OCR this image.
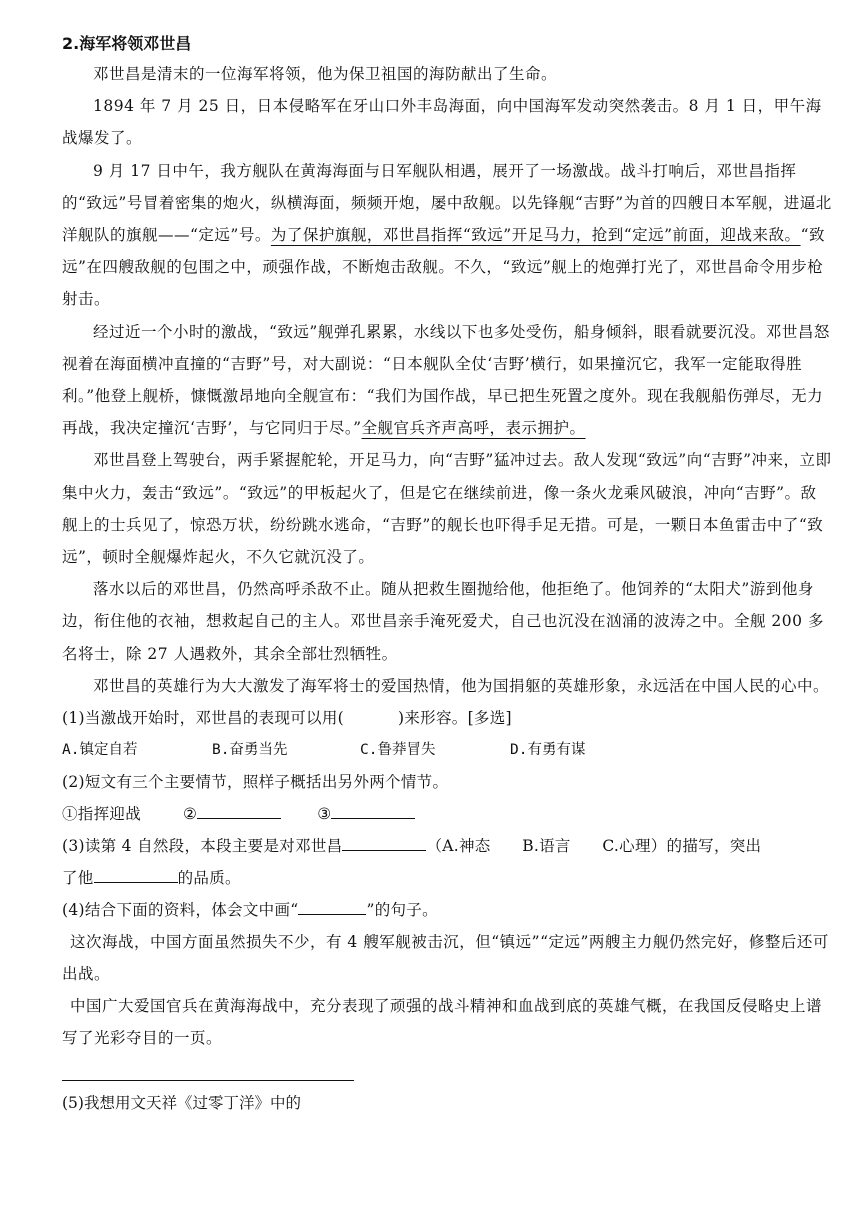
2.海军将领邓世昌

邓世昌是清末的一位海军将领，他为保卫祖国的海防献出了生命。

1894 年 7 月 25 日，日本侵略军在牙山口外丰岛海面，向中国海军发动突然袭击。8 月 1 日，甲午海战爆发了。

9 月 17 日中午，我方舰队在黄海海面与日军舰队相遇，展开了一场激战。战斗打响后，邓世昌指挥的“致远”号冒着密集的炮火，纵横海面，频频开炮，屡中敌舰。以先锋舰“吉野”为首的四艘日本军舰，进逼北洋舰队的旗舰——“定远”号。为了保护旗舰，邓世昌指挥“致远”开足马力，抢到“定远”前面，迎战来敌。“致远”在四艘敌舰的包围之中，顽强作战，不断炮击敌舰。不久，“致远”舰上的炮弹打光了，邓世昌命令用步枪射击。

经过近一个小时的激战，“致远”舰弹孔累累，水线以下也多处受伤，船身倾斜，眼看就要沉没。邓世昌怒视着在海面横冲直撞的“吉野”号，对大副说：“日本舰队全仗‘吉野’横行，如果撞沉它，我军一定能取得胜利。”他登上舰桥，慷慨激昂地向全舰宣布：“我们为国作战，早已把生死置之度外。现在我舰船伤弹尽，无力再战，我决定撞沉‘吉野’，与它同归于尽。”全舰官兵齐声高呼，表示拥护。

邓世昌登上驾驶台，两手紧握舵轮，开足马力，向“吉野”猛冲过去。敌人发现“致远”向“吉野”冲来，立即集中火力，轰击“致远”。“致远”的甲板起火了，但是它在继续前进，像一条火龙乘风破浪，冲向“吉野”。敌舰上的士兵见了，惊恐万状，纷纷跳水逃命，“吉野”的舰长也吓得手足无措。可是，一颗日本鱼雷击中了“致远”，顿时全舰爆炸起火，不久它就沉没了。

落水以后的邓世昌，仍然高呼杀敌不止。随从把救生圈抛给他，他拒绝了。他饲养的“太阳犬”游到他身边，衔住他的衣袖，想救起自己的主人。邓世昌亲手淹死爱犬，自己也沉没在汹涌的波涛之中。全舰 200 多名将士，除 27 人遇救外，其余全部壮烈牺牲。

邓世昌的英雄行为大大激发了海军将士的爱国热情，他为国捐躯的英雄形象，永远活在中国人民的心中。

(1)当激战开始时，邓世昌的表现可以用(	)来形容。[多选]

A.镇定自若	B.奋勇当先	C.鲁莽冒失	D.有勇有谋

(2)短文有三个主要情节，照样子概括出另外两个情节。

①指挥迎战	②	③

(3)读第 4 自然段，本段主要是对邓世昌	（A.神态　　B.语言　　C.心理）的描写，突出

了他	的品质。

(4)结合下面的资料，体会文中画“	”的句子。

这次海战，中国方面虽然损失不少，有 4 艘军舰被击沉，但“镇远”“定远”两艘主力舰仍然完好，修整后还可出战。

中国广大爱国官兵在黄海海战中，充分表现了顽强的战斗精神和血战到底的英雄气概，在我国反侵略史上谱写了光彩夺目的一页。

(5)我想用文天祥《过零丁洋》中的
